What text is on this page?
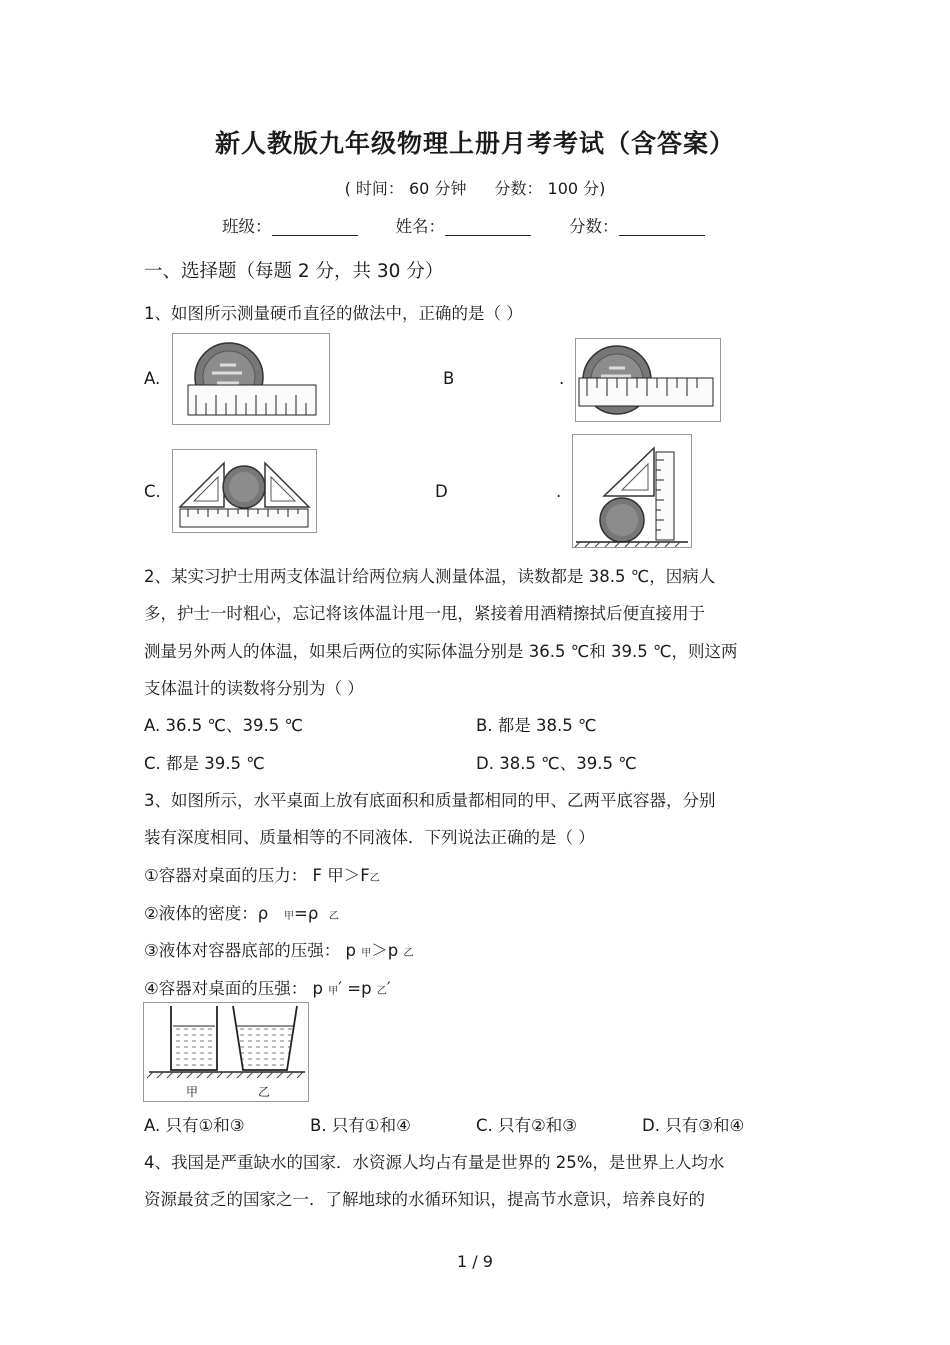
新人教版九年级物理上册月考考试（含答案）
( 时间： 60 分钟 分数： 100 分)
班级：	姓名：	分数：
一、选择题（每题 2 分，共 30 分）
1、如图所示测量硬币直径的做法中，正确的是（ ）
A.	B	.
C.	D	.
2、某实习护士用两支体温计给两位病人测量体温，读数都是 38.5 ℃，因病人
多，护士一时粗心，忘记将该体温计甩一甩，紧接着用酒精擦拭后便直接用于
测量另外两人的体温，如果后两位的实际体温分别是 36.5 ℃和 39.5 ℃，则这两
支体温计的读数将分别为（ ）
A. 36.5 ℃、39.5 ℃	B. 都是 38.5 ℃
C. 都是 39.5 ℃	D. 38.5 ℃、39.5 ℃
3、如图所示，水平桌面上放有底面积和质量都相同的甲、乙两平底容器，分别
装有深度相同、质量相等的不同液体．下列说法正确的是（ ）
①容器对桌面的压力： F 甲＞F乙
②液体的密度：ρ 甲=ρ 乙
③液体对容器底部的压强： p 甲＞p 乙
④容器对桌面的压强： p 甲′ =p 乙′
甲	乙
A. 只有①和③	B. 只有①和④	C. 只有②和③	D. 只有③和④
4、我国是严重缺水的国家．水资源人均占有量是世界的 25%，是世界上人均水
资源最贫乏的国家之一．了解地球的水循环知识，提高节水意识，培养良好的
1 / 9
